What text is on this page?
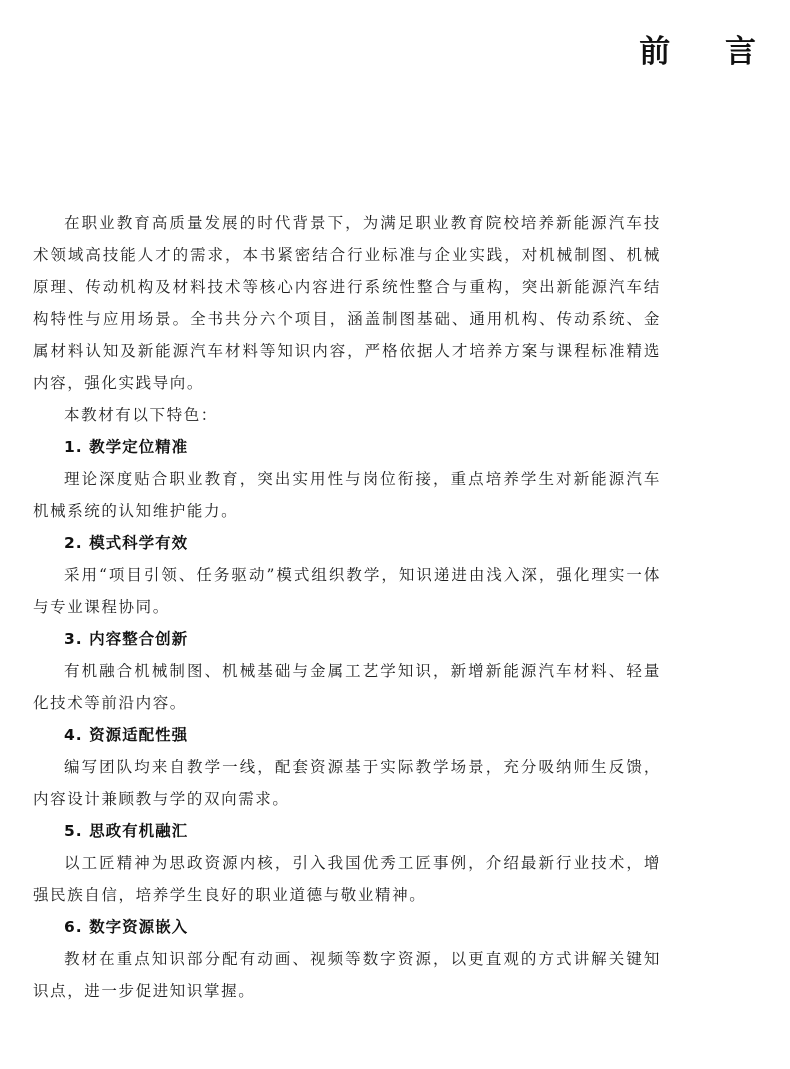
前 言

在职业教育高质量发展的时代背景下，为满足职业教育院校培养新能源汽车技术领域高技能人才的需求，本书紧密结合行业标准与企业实践，对机械制图、机械原理、传动机构及材料技术等核心内容进行系统性整合与重构，突出新能源汽车结构特性与应用场景。全书共分六个项目，涵盖制图基础、通用机构、传动系统、金属材料认知及新能源汽车材料等知识内容，严格依据人才培养方案与课程标准精选内容，强化实践导向。

本教材有以下特色：

1. 教学定位精准

理论深度贴合职业教育，突出实用性与岗位衔接，重点培养学生对新能源汽车机械系统的认知维护能力。

2. 模式科学有效

采用“项目引领、任务驱动”模式组织教学，知识递进由浅入深，强化理实一体与专业课程协同。

3. 内容整合创新

有机融合机械制图、机械基础与金属工艺学知识，新增新能源汽车材料、轻量化技术等前沿内容。

4. 资源适配性强

编写团队均来自教学一线，配套资源基于实际教学场景，充分吸纳师生反馈，内容设计兼顾教与学的双向需求。

5. 思政有机融汇

以工匠精神为思政资源内核，引入我国优秀工匠事例，介绍最新行业技术，增强民族自信，培养学生良好的职业道德与敬业精神。

6. 数字资源嵌入

教材在重点知识部分配有动画、视频等数字资源，以更直观的方式讲解关键知识点，进一步促进知识掌握。
